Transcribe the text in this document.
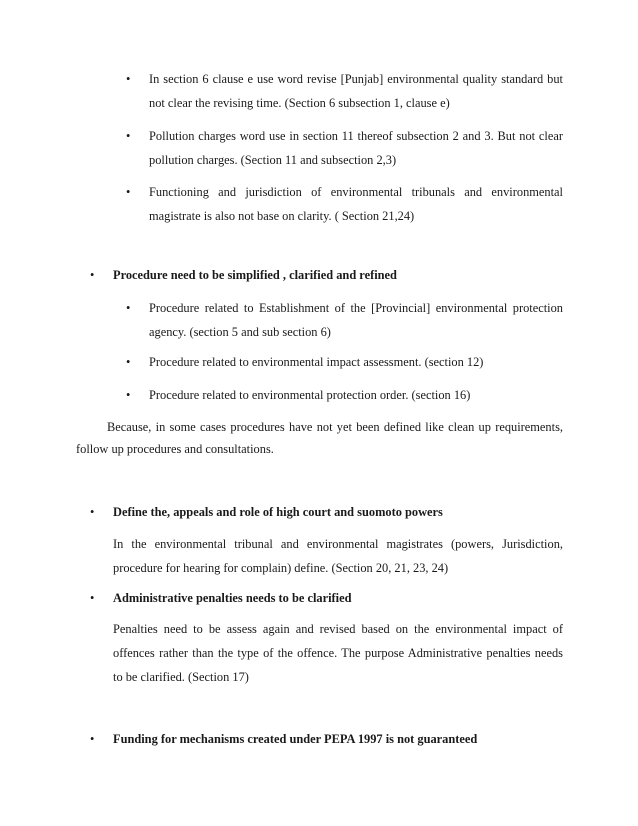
• In section 6 clause e use word revise [Punjab] environmental quality standard but
not clear the revising time. (Section 6 subsection 1, clause e)
• Pollution charges word use in section 11 thereof subsection 2 and 3. But not clear
pollution charges. (Section 11 and subsection 2,3)
• Functioning and jurisdiction of environmental tribunals and environmental
magistrate is also not base on clarity. ( Section 21,24)
• Procedure need to be simplified , clarified and refined
• Procedure related to Establishment of the [Provincial] environmental protection
agency. (section 5 and sub section 6)
• Procedure related to environmental impact assessment. (section 12)
• Procedure related to environmental protection order. (section 16)
Because, in some cases procedures have not yet been defined like clean up requirements,
follow up procedures and consultations.
• Define the, appeals and role of high court and suomoto powers
In the environmental tribunal and environmental magistrates (powers, Jurisdiction,
procedure for hearing for complain) define. (Section 20, 21, 23, 24)
• Administrative penalties needs to be clarified
Penalties need to be assess again and revised based on the environmental impact of
offences rather than the type of the offence. The purpose Administrative penalties needs
to be clarified. (Section 17)
• Funding for mechanisms created under PEPA 1997 is not guaranteed
